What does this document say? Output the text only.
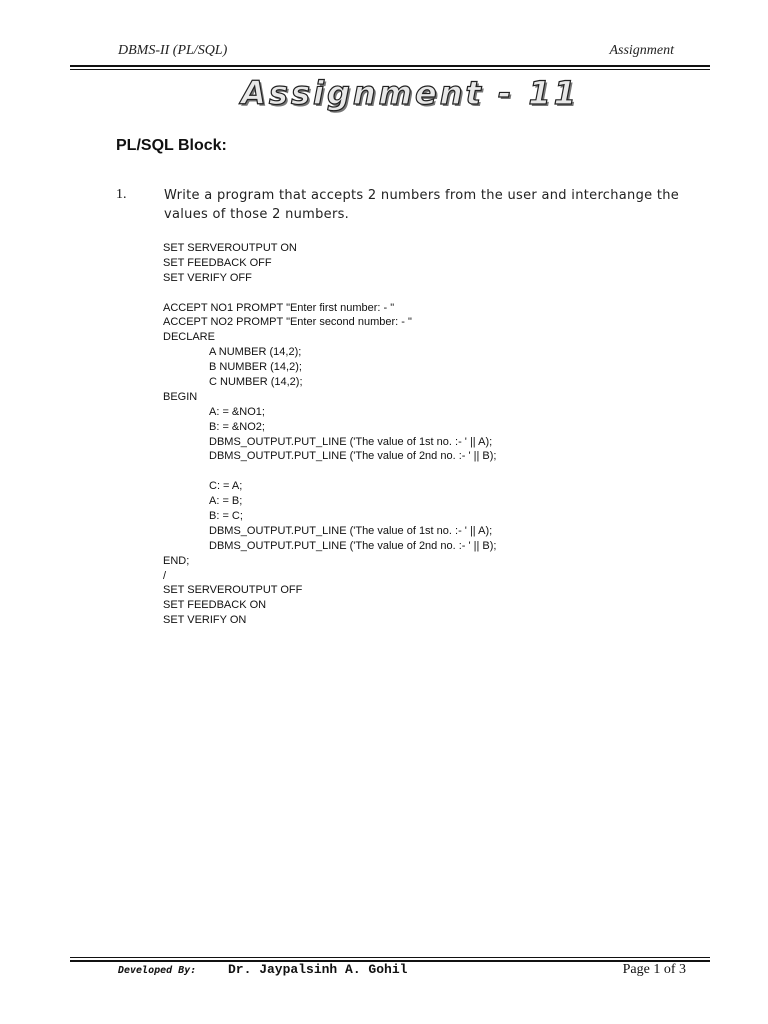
DBMS-II (PL/SQL)	Assignment
Assignment - 11
PL/SQL Block:
1.	Write a program that accepts 2 numbers from the user and interchange the values of those 2 numbers.
SET SERVEROUTPUT ON
SET FEEDBACK OFF
SET VERIFY OFF
ACCEPT NO1 PROMPT "Enter first number: - "
ACCEPT NO2 PROMPT "Enter second number: - "
DECLARE
A NUMBER (14,2);
B NUMBER (14,2);
C NUMBER (14,2);
BEGIN
A: = &NO1;
B: = &NO2;
DBMS_OUTPUT.PUT_LINE ('The value of 1st no. :- ' || A);
DBMS_OUTPUT.PUT_LINE ('The value of 2nd no. :- ' || B);
C: = A;
A: = B;
B: = C;
DBMS_OUTPUT.PUT_LINE ('The value of 1st no. :- ' || A);
DBMS_OUTPUT.PUT_LINE ('The value of 2nd no. :- ' || B);
END;
/
SET SERVEROUTPUT OFF
SET FEEDBACK ON
SET VERIFY ON
Developed By: Dr. Jaypalsinh A. Gohil	Page 1 of 3
